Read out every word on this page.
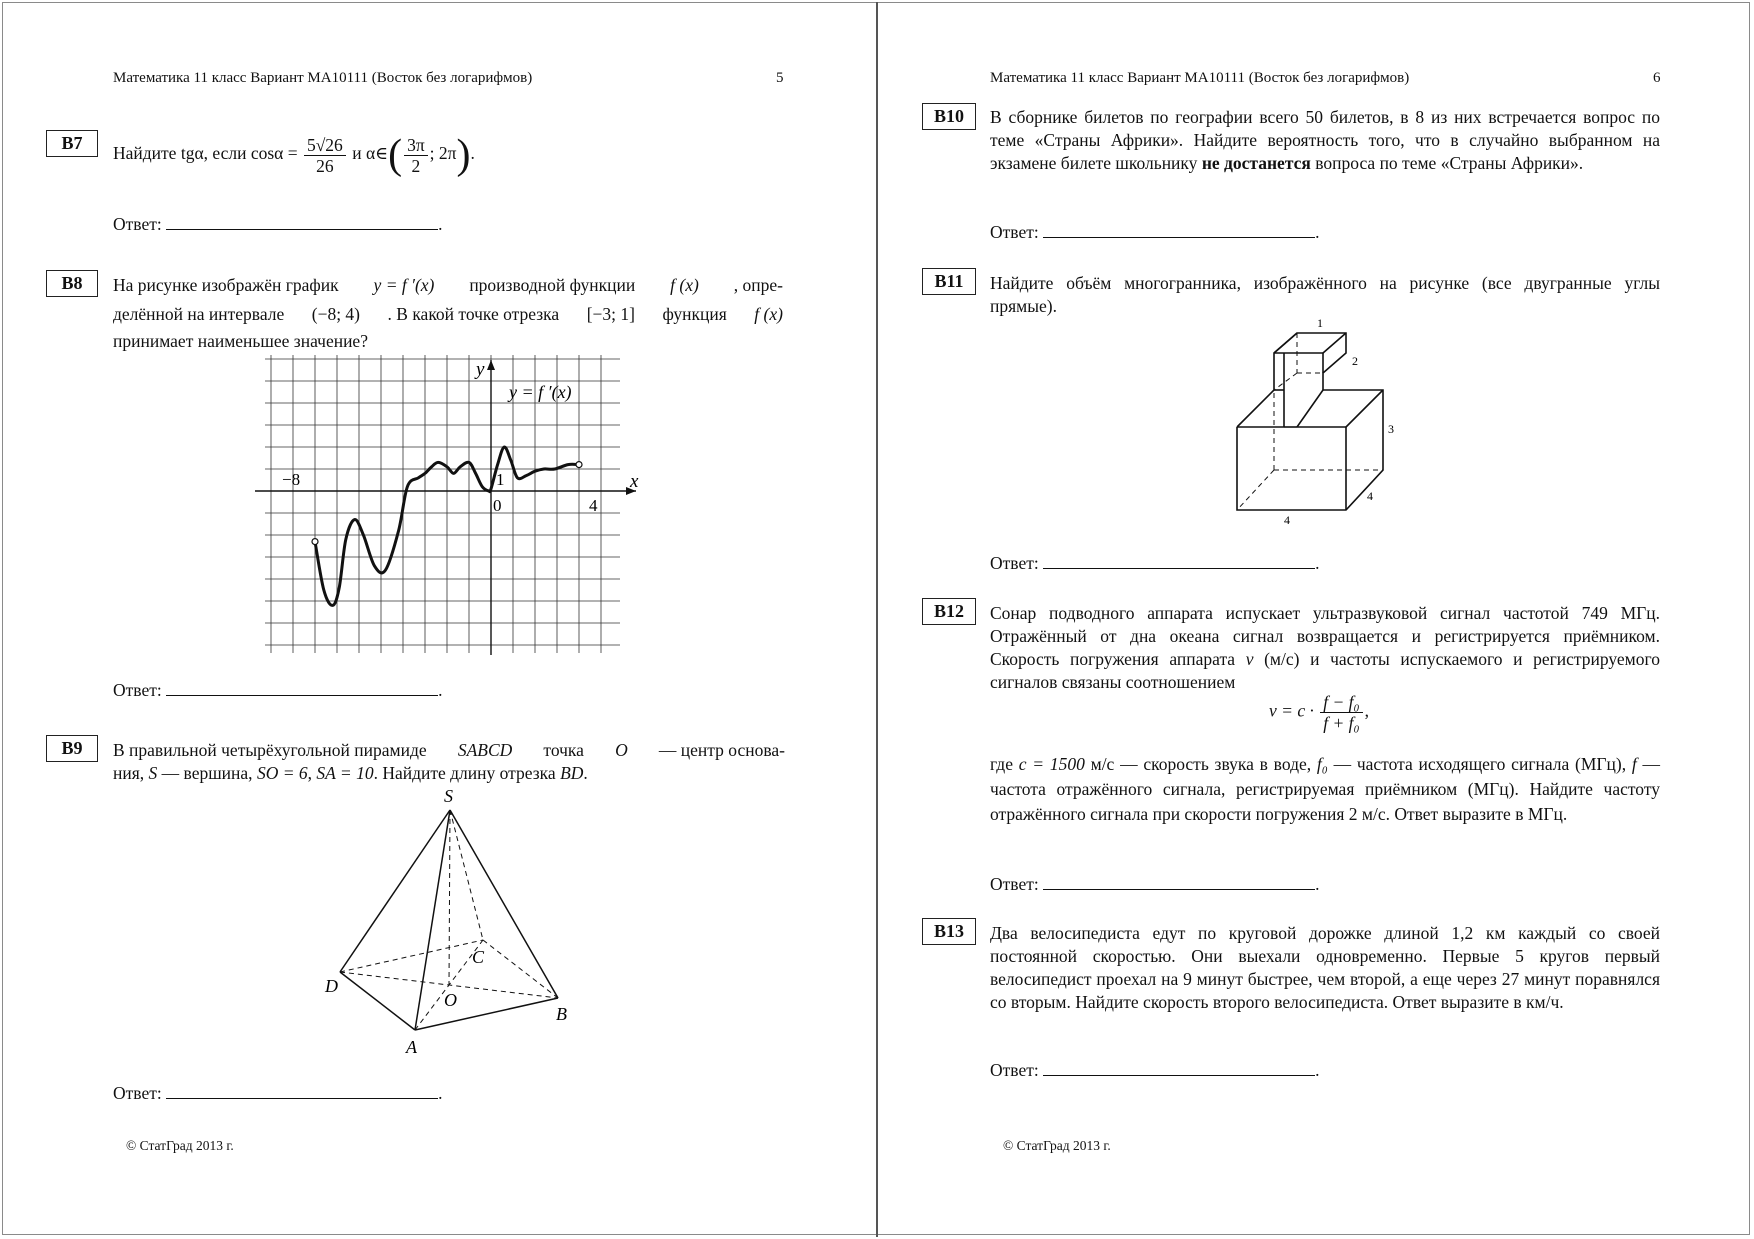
Математика 11 класс Вариант МА10111 (Восток без логарифмов)	5
B7
Найдите tgα, если $\cos\alpha = \frac{5√26}{26}$ и α∈( $\frac{3\pi}{2}$ ; 2π).
Ответ:	.
B8	На рисунке изображён график y = f ′(x) производной функции f (x) , опре-
делённой на интервале (−8; 4) . В какой точке отрезка [−3; 1] функция f (x)
принимает наименьшее значение?
y
x
y = f ′(x)
−8	1
0	4
Ответ:	.
B9	В правильной четырёхугольной пирамиде SABCD точка O — центр основа-
ния, S — вершина, SO = 6, SA = 10. Найдите длину отрезка BD.
S
D
A
B
C
O
Ответ:	.
© СтатГрад 2013 г.
Математика 11 класс Вариант МА10111 (Восток без логарифмов)	6
B10	В сборнике билетов по географии всего 50 билетов, в 8 из них встречается вопрос по теме «Страны Африки». Найдите вероятность того, что в случайно выбранном на экзамене билете школьнику не достанется вопроса по теме «Страны Африки».
Ответ:	.
B11	Найдите объём многогранника, изображённого на рисунке (все двугранные углы прямые).
1
2
3
4
4
Ответ:	.
B12	Сонар подводного аппарата испускает ультразвуковой сигнал частотой 749 МГц. Отражённый от дна океана сигнал возвращается и регистрируется приёмником. Скорость погружения аппарата v (м/с) и частоты испускаемого и регистрируемого сигналов связаны соотношением
$v = c \cdot \frac{\text{f − f₀}}{\text{f + f₀}}$ ,
где c = 1500 м/с — скорость звука в воде, f₀ — частота исходящего сигнала (МГц), f — частота отражённого сигнала, регистрируемая приёмником (МГц). Найдите частоту отражённого сигнала при скорости погружения 2 м/с. Ответ выразите в МГц.
Ответ:	.
B13	Два велосипедиста едут по круговой дорожке длиной 1,2 км каждый со своей постоянной скоростью. Они выехали одновременно. Первые 5 кругов первый велосипедист проехал на 9 минут быстрее, чем второй, а еще через 27 минут поравнялся со вторым. Найдите скорость второго велосипедиста. Ответ выразите в км/ч.
Ответ:	.
© СтатГрад 2013 г.
